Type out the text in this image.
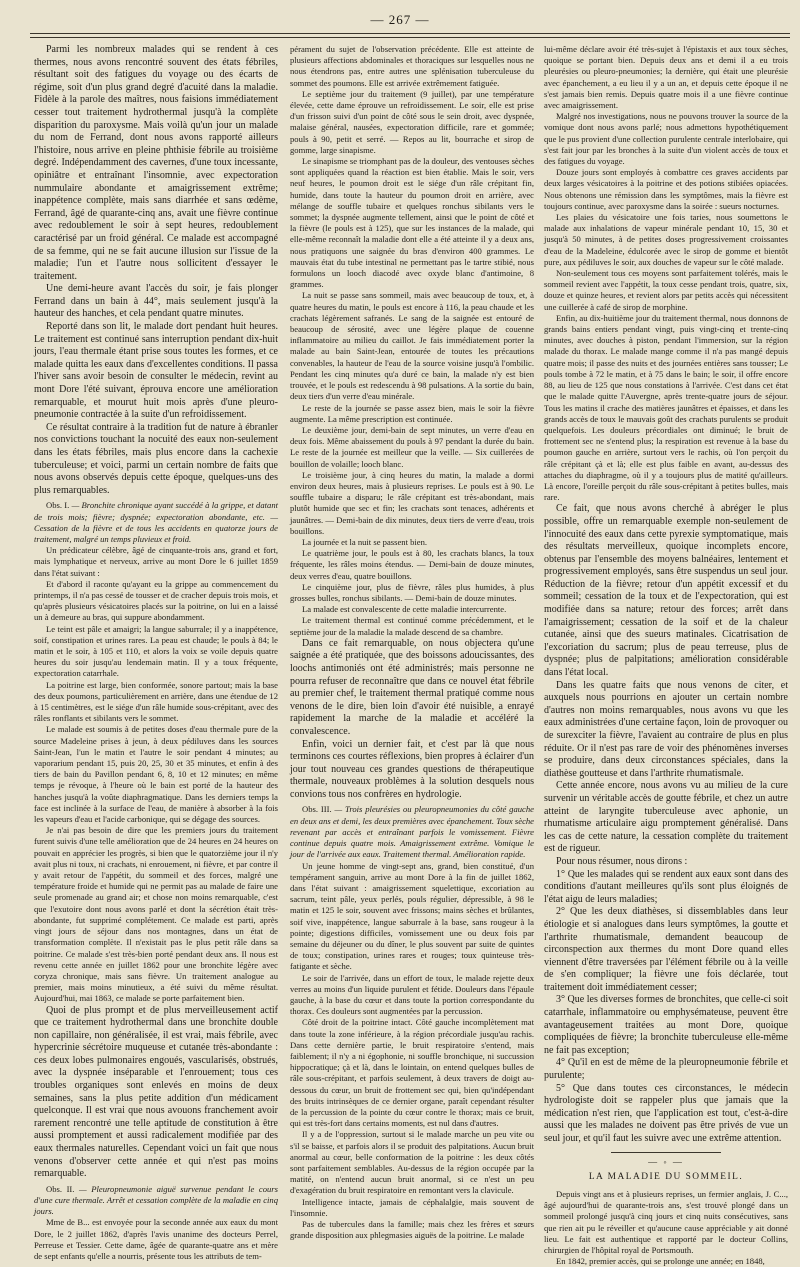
— 267 —

Parmi les nombreux malades qui se rendent à ces thermes, nous avons rencontré souvent des états fébriles, résultant soit des fatigues du voyage ou des écarts de régime, soit d'un plus grand degré d'acuité dans la maladie. Fidèle à la parole des maîtres, nous faisions immédiatement cesser tout traitement hydrothermal jusqu'à la complète disparition du paroxysme. Mais voilà qu'un jour un malade du nom de Ferrand, dont nous avons rapporté ailleurs l'histoire, nous arrive en pleine phthisie fébrile au troisième degré. Indépendamment des cavernes, d'une toux incessante, opiniâtre et entraînant l'insomnie, avec expectoration nummulaire abondante et amaigrissement extrême; inappétence complète, mais sans diarrhée et sans œdème, Ferrand, âgé de quarante-cinq ans, avait une fièvre continue avec redoublement le soir à sept heures, redoublement caractérisé par un froid général. Ce malade est accompagné de sa femme, qui ne se fait aucune illusion sur l'issue de la maladie; l'un et l'autre nous sollicitent d'essayer le traitement.

Une demi-heure avant l'accès du soir, je fais plonger Ferrand dans un bain à 44°, mais seulement jusqu'à la hauteur des hanches, et cela pendant quatre minutes.

Reporté dans son lit, le malade dort pendant huit heures. Le traitement est continué sans interruption pendant dix-huit jours, l'eau thermale étant prise sous toutes les formes, et ce malade quitta les eaux dans d'excellentes conditions. Il passa l'hiver sans avoir besoin de consulter le médecin, revint au mont Dore l'été suivant, éprouva encore une amélioration remarquable, et mourut huit mois après d'une pleuro-pneumonie contractée à la suite d'un refroidissement.

Ce résultat contraire à la tradition fut de nature à ébranler nos convictions touchant la nocuité des eaux non-seulement dans les états fébriles, mais plus encore dans la cachexie tuberculeuse; et voici, parmi un certain nombre de faits que nous avons observés depuis cette époque, quelques-uns des plus remarquables.

Obs. I. — Bronchite chronique ayant succédé à la grippe, et datant de trois mois; fièvre; dyspnée; expectoration abondante, etc. — Cessation de la fièvre et de tous les accidents en quatorze jours de traitement, malgré un temps pluvieux et froid.

Un prédicateur célèbre, âgé de cinquante-trois ans, grand et fort, mais lymphatique et nerveux, arrive au mont Dore le 6 juillet 1859 dans l'état suivant :

Et d'abord il raconte qu'ayant eu la grippe au commencement du printemps, il n'a pas cessé de tousser et de cracher depuis trois mois, et qu'après plusieurs vésicatoires placés sur la poitrine, on lui en a laissé un à demeure au bras, qui suppure abondamment.

Le teint est pâle et amaigri; la langue saburrale; il y a inappétence, soif, constipation et urines rares. La peau est chaude; le pouls à 84; le matin et le soir, à 105 et 110, et alors la voix se voile depuis quatre heures du soir jusqu'au lendemain matin. Il y a toux fréquente, expectoration catarrhale.

La poitrine est large, bien conformée, sonore partout; mais la base des deux poumons, particulièrement en arrière, dans une étendue de 12 à 15 centimètres, est le siége d'un râle humide sous-crépitant, avec des râles ronflants et sibilants vers le sommet.

Le malade est soumis à de petites doses d'eau thermale pure de la source Madeleine prises à jeun, à deux pédiluves dans les sources Saint-Jean, l'un le matin et l'autre le soir pendant 4 minutes; au vaporarium pendant 15, puis 20, 25, 30 et 35 minutes, et enfin à des tiers de bain du Pavillon pendant 6, 8, 10 et 12 minutes; en même temps je révoque, à l'heure où le bain est porté de la hauteur des hanches jusqu'à la voûte diaphragmatique. Dans les derniers temps la face est inclinée à la surface de l'eau, de manière à absorber à la fois les vapeurs d'eau et l'acide carbonique, qui se dégage des sources.

Je n'ai pas besoin de dire que les premiers jours du traitement furent suivis d'une telle amélioration que de 24 heures en 24 heures on pouvait en apprécier les progrès, si bien que le quatorzième jour il n'y avait plus ni toux, ni crachats, ni enrouement, ni fièvre, et par contre il y avait retour de l'appétit, du sommeil et des forces, malgré une température froide et humide qui ne permit pas au malade de faire une seule promenade au grand air; et chose non moins remarquable, c'est que l'exutoire dont nous avons parlé et dont la sécrétion était très-abondante, fut supprimé complétement. Ce malade est parti, après vingt jours de séjour dans nos montagnes, dans un état de transformation complète. Il n'existait pas le plus petit râle dans sa poitrine. Ce malade s'est très-bien porté pendant deux ans. Il nous est revenu cette année en juillet 1862 pour une bronchite légère avec coryza chronique, mais sans fièvre. Un traitement analogue au premier, mais moins minutieux, a été suivi du même résultat. Aujourd'hui, mai 1863, ce malade se porte parfaitement bien.

Quoi de plus prompt et de plus merveilleusement actif que ce traitement hydrothermal dans une bronchite double non capillaire, non généralisée, il est vrai, mais fébrile, avec hypercrinie sécrétoire muqueuse et cutanée très-abondante : ces deux lobes pulmonaires engoués, vascularisés, obstrués, avec la dyspnée inséparable et l'enrouement; tous ces troubles organiques sont enlevés en moins de deux semaines, sans la plus petite addition d'un médicament quelconque. Il est vrai que nous avouons franchement avoir rarement rencontré une telle aptitude de constitution à être aussi promptement et aussi radicalement modifiée par des eaux thermales naturelles. Cependant voici un fait que nous venons d'observer cette année et qui n'est pas moins remarquable.

Obs. II. — Pleuropneumonie aiguë survenue pendant le cours d'une cure thermale. Arrêt et cessation complète de la maladie en cinq jours.

Mme de B... est envoyée pour la seconde année aux eaux du mont Dore, le 2 juillet 1862, d'après l'avis unanime des docteurs Perrel, Perreuse et Tessier. Cette dame, âgée de quarante-quatre ans et mère de sept enfants qu'elle a nourris, présente tous les attributs de tem-

pérament du sujet de l'observation précédente. Elle est atteinte de plusieurs affections abdominales et thoraciques sur lesquelles nous ne nous étendrons pas, entre autres une splénisation tuberculeuse du sommet des poumons. Elle est arrivée extrêmement fatiguée.

Le septième jour du traitement (9 juillet), par une température élevée, cette dame éprouve un refroidissement. Le soir, elle est prise d'un frisson suivi d'un point de côté sous le sein droit, avec dyspnée, malaise général, nausées, expectoration difficile, rare et gommée; pouls à 90, petit et serré. — Repos au lit, bourrache et sirop de gomme, large sinapisme.

Le sinapisme se triomphant pas de la douleur, des ventouses sèches sont appliquées quand la réaction est bien établie. Mais le soir, vers neuf heures, le poumon droit est le siége d'un râle crépitant fin, humide, dans toute la hauteur du poumon droit en arrière, avec mélange de souffle tubaire et quelques ronchus sibilants vers le sommet; la dyspnée augmente tellement, ainsi que le point de côté et la fièvre (le pouls est à 125), que sur les instances de la malade, qui elle-même reconnaît la maladie dont elle a été atteinte il y a deux ans, nous pratiquons une saignée du bras d'environ 400 grammes. Le mauvais état du tube intestinal ne permettant pas le tartre stibié, nous formulons un looch diacodé avec oxyde blanc d'antimoine, 8 grammes.

La nuit se passe sans sommeil, mais avec beaucoup de toux, et, à quatre heures du matin, le pouls est encore à 116, la peau chaude et les crachats légèrement safranés. Le sang de la saignée est entouré de beaucoup de sérosité, avec une légère plaque de couenne inflammatoire au milieu du caillot. Je fais immédiatement porter la malade au bain Saint-Jean, entourée de toutes les précautions convenables, la hauteur de l'eau de la source voisine jusqu'à l'ombilic. Pendant les cinq minutes qu'a duré ce bain, la malade n'y est bien trouvée, et le pouls est redescendu à 98 pulsations. A la sortie du bain, deux tiers d'un verre d'eau minérale.

Le reste de la journée se passe assez bien, mais le soir la fièvre augmente. La même prescription est continuée.

Le deuxième jour, demi-bain de sept minutes, un verre d'eau en deux fois. Même abaissement du pouls à 97 pendant la durée du bain. Le reste de la journée est meilleur que la veille. — Six cuillerées de bouillon de volaille; looch blanc.

Le troisième jour, à cinq heures du matin, la malade a dormi environ deux heures, mais à plusieurs reprises. Le pouls est à 90. Le souffle tubaire a disparu; le râle crépitant est très-abondant, mais plutôt humide que sec et fin; les crachats sont tenaces, adhérents et jaunâtres. — Demi-bain de dix minutes, deux tiers de verre d'eau, trois bouillons.

La journée et la nuit se passent bien.

Le quatrième jour, le pouls est à 80, les crachats blancs, la toux fréquente, les râles moins étendus. — Demi-bain de douze minutes, deux verres d'eau, quatre bouillons.

Le cinquième jour, plus de fièvre, râles plus humides, à plus grosses bulles, ronchus sibilants. — Demi-bain de douze minutes.

La malade est convalescente de cette maladie intercurrente.

Le traitement thermal est continué comme précédemment, et le septième jour de la maladie la malade descend de sa chambre.

Dans ce fait remarquable, on nous objectera qu'une saignée a été pratiquée, que des boissons adoucissantes, des loochs antimoniés ont été administrés; mais personne ne pourra refuser de reconnaître que dans ce nouvel état fébrile au premier chef, le traitement thermal pratiqué comme nous venons de le dire, bien loin d'avoir été nuisible, a enrayé rapidement la marche de la maladie et accéléré la convalescence.

Enfin, voici un dernier fait, et c'est par là que nous terminons ces courtes réflexions, bien propres à éclairer d'un jour tout nouveau ces grandes questions de thérapeutique thermale, nouveaux problèmes à la solution desquels nous convions tous nos confrères en hydrologie.

Obs. III. — Trois pleurésies ou pleuropneumonies du côté gauche en deux ans et demi, les deux premières avec épanchement. Toux sèche revenant par accès et entraînant parfois le vomissement. Fièvre continue depuis quatre mois. Amaigrissement extrême. Vomique le jour de l'arrivée aux eaux. Traitement thermal. Amélioration rapide.

Un jeune homme de vingt-sept ans, grand, bien constitué, d'un tempérament sanguin, arrive au mont Dore à la fin de juillet 1862, dans l'état suivant : amaigrissement squelettique, excoriation au sacrum, teint pâle, yeux perlés, pouls régulier, dépressible, à 98 le matin et 125 le soir, souvent avec frissons; mains sèches et brûlantes, soif vive, inappétence, langue saburrale à la base, sans rougeur à la pointe; digestions difficiles, vomissement une ou deux fois par semaine du déjeuner ou du dîner, le plus souvent par suite de quintes de toux; constipation, urines rares et rouges; toux quinteuse très-fatigante et sèche.

Le soir de l'arrivée, dans un effort de toux, le malade rejette deux verres au moins d'un liquide purulent et fétide. Douleurs dans l'épaule gauche, à la base du cœur et dans toute la portion correspondante du thorax. Ces douleurs sont augmentées par la percussion.

Côté droit de la poitrine intact. Côté gauche incomplètement mat dans toute la zone inférieure, à la région précordiale jusqu'au rachis. Dans cette dernière partie, le bruit respiratoire s'entend, mais faiblement; il n'y a ni égophonie, ni souffle bronchique, ni succussion hippocratique; çà et là, dans le lointain, on entend quelques bulles de râle sous-crépitant, et parfois seulement, à deux travers de doigt au-dessous du cœur, un bruit de frottement sec qui, bien qu'indépendant des bruits intrinsèques de ce dernier organe, paraît cependant résulter de la percussion de la pointe du cœur contre le thorax; mais ce bruit, qui est très-fort dans certains moments, est nul dans d'autres.

Il y a de l'oppression, surtout si le malade marche un peu vite ou s'il se baisse, et parfois alors il se produit des palpitations. Aucun bruit anormal au cœur, belle conformation de la poitrine : les deux côtés sont parfaitement semblables. Au-dessus de la région occupée par la matité, on n'entend aucun bruit anormal, si ce n'est un peu d'exagération du bruit respiratoire en remontant vers la clavicule.

Intelligence intacte, jamais de céphalalgie, mais souvent de l'insomnie.

Pas de tubercules dans la famille; mais chez les frères et sœurs grande disposition aux phlegmasies aiguës de la poitrine. Le malade

lui-même déclare avoir été très-sujet à l'épistaxis et aux toux sèches, quoique se portant bien. Depuis deux ans et demi il a eu trois pleurésies ou pleuro-pneumonies; la dernière, qui était une pleurésie avec épanchement, a eu lieu il y a un an, et depuis cette époque il ne s'est jamais bien remis. Depuis quatre mois il a une fièvre continue avec amaigrissement.

Malgré nos investigations, nous ne pouvons trouver la source de la vomique dont nous avons parlé; nous admettons hypothétiquement que le pus provient d'une collection purulente centrale interlobaire, qui s'est fait jour par les bronches à la suite d'un violent accès de toux et des fatigues du voyage.

Douze jours sont employés à combattre ces graves accidents par deux larges vésicatoires à la poitrine et des potions stibiées opiacées. Nous obtenons une rémission dans les symptômes, mais la fièvre est toujours continue, avec paroxysme dans la soirée : sueurs nocturnes.

Les plaies du vésicatoire une fois taries, nous soumettons le malade aux inhalations de vapeur minérale pendant 10, 15, 30 et jusqu'à 50 minutes, à de petites doses progressivement croissantes d'eau de la Madeleine, édulcorée avec le sirop de gomme et bientôt pure, aux pédiluves le soir, aux douches de vapeur sur le côté malade.

Non-seulement tous ces moyens sont parfaitement tolérés, mais le sommeil revient avec l'appétit, la toux cesse pendant trois, quatre, six, douze et quinze heures, et revient alors par petits accès qui nécessitent une cuillerée à café de sirop de morphine.

Enfin, au dix-huitième jour du traitement thermal, nous donnons de grands bains entiers pendant vingt, puis vingt-cinq et trente-cinq minutes, avec douches à piston, pendant l'immersion, sur la région malade du thorax. Le malade mange comme il n'a pas mangé depuis quatre mois; il passe des nuits et des journées entières sans tousser; Le pouls tombe à 72 le matin, et à 75 dans le bain; le soir, il offre encore 88, au lieu de 125 que nous constations à l'arrivée. C'est dans cet état que le malade quitte l'Auvergne, après trente-quatre jours de séjour. Tous les matins il crache des matières jaunâtres et épaisses, et dans les grands accès de toux le mauvais goût des crachats purulents se produit quelquefois. Les douleurs précordiales ont diminué; le bruit de frottement sec ne s'entend plus; la respiration est revenue à la base du poumon gauche en arrière, surtout vers le rachis, où l'on perçoit du râle crépitant çà et là; elle est plus faible en avant, au-dessus des attaches du diaphragme, où il y a toujours plus de matité qu'ailleurs. Là encore, l'oreille perçoit du râle sous-crépitant à petites bulles, mais rare.

Ce fait, que nous avons cherché à abréger le plus possible, offre un remarquable exemple non-seulement de l'innocuité des eaux dans cette pyrexie symptomatique, mais des résultats merveilleux, quoique incomplets encore, obtenus par l'ensemble des moyens balnéaires, lentement et progressivement employés, sans être suspendus un seul jour. Réduction de la fièvre; retour d'un appétit excessif et du sommeil; cessation de la toux et de l'expectoration, qui est modifiée dans sa nature; retour des forces; arrêt dans l'amaigrissement; cessation de la soif et de la chaleur cutanée, ainsi que des sueurs matinales. Cicatrisation de l'excoriation du sacrum; plus de peau terreuse, plus de dyspnée; plus de palpitations; amélioration considérable dans l'état local.

Dans les quatre faits que nous venons de citer, et auxquels nous pourrions en ajouter un certain nombre d'autres non moins remarquables, nous avons vu que les eaux administrées d'une certaine façon, loin de provoquer ou de surexciter la fièvre, l'avaient au contraire de plus en plus réduite. Or il n'est pas rare de voir des phénomènes inverses se produire, dans deux circonstances spéciales, dans la diathèse goutteuse et dans l'arthrite rhumatismale.

Cette année encore, nous avons vu au milieu de la cure survenir un véritable accès de goutte fébrile, et chez un autre atteint de laryngite tuberculeuse avec aphonie, un rhumatisme articulaire aigu promptement généralisé. Dans les cas de cette nature, la cessation complète du traitement est de rigueur.

Pour nous résumer, nous dirons :

1° Que les malades qui se rendent aux eaux sont dans des conditions d'autant meilleures qu'ils sont plus éloignés de l'état aigu de leurs maladies;

2° Que les deux diathèses, si dissemblables dans leur étiologie et si analogues dans leurs symptômes, la goutte et l'arthrite rhumatismale, demandent beaucoup de circonspection aux thermes du mont Dore quand elles viennent d'être traversées par l'élément fébrile ou à la veille de s'en compliquer; la fièvre une fois déclarée, tout traitement doit immédiatement cesser;

3° Que les diverses formes de bronchites, que celle-ci soit catarrhale, inflammatoire ou emphysémateuse, peuvent être avantageusement traitées au mont Dore, quoique compliquées de fièvre; la bronchite tuberculeuse elle-même ne fait pas exception;

4° Qu'il en est de même de la pleuropneumonie fébrile et purulente;

5° Que dans toutes ces circonstances, le médecin hydrologiste doit se rappeler plus que jamais que la médication n'est rien, que l'application est tout, c'est-à-dire aussi que les malades ne doivent pas être privés de vue un seul jour, et qu'il faut les suivre avec une extrême attention.

— ◦ —
LA MALADIE DU SOMMEIL.

Depuis vingt ans et à plusieurs reprises, un fermier anglais, J. C..., âgé aujourd'hui de quarante-trois ans, s'est trouvé plongé dans un sommeil prolongé jusqu'à cinq jours et cinq nuits consécutives, sans que rien ait pu le réveiller et qu'aucune cause appréciable y ait donné lieu. Le fait est authentique et rapporté par le docteur Collins, chirurgien de l'hôpital royal de Portsmouth.

En 1842, premier accès, qui se prolonge une année; en 1848,
